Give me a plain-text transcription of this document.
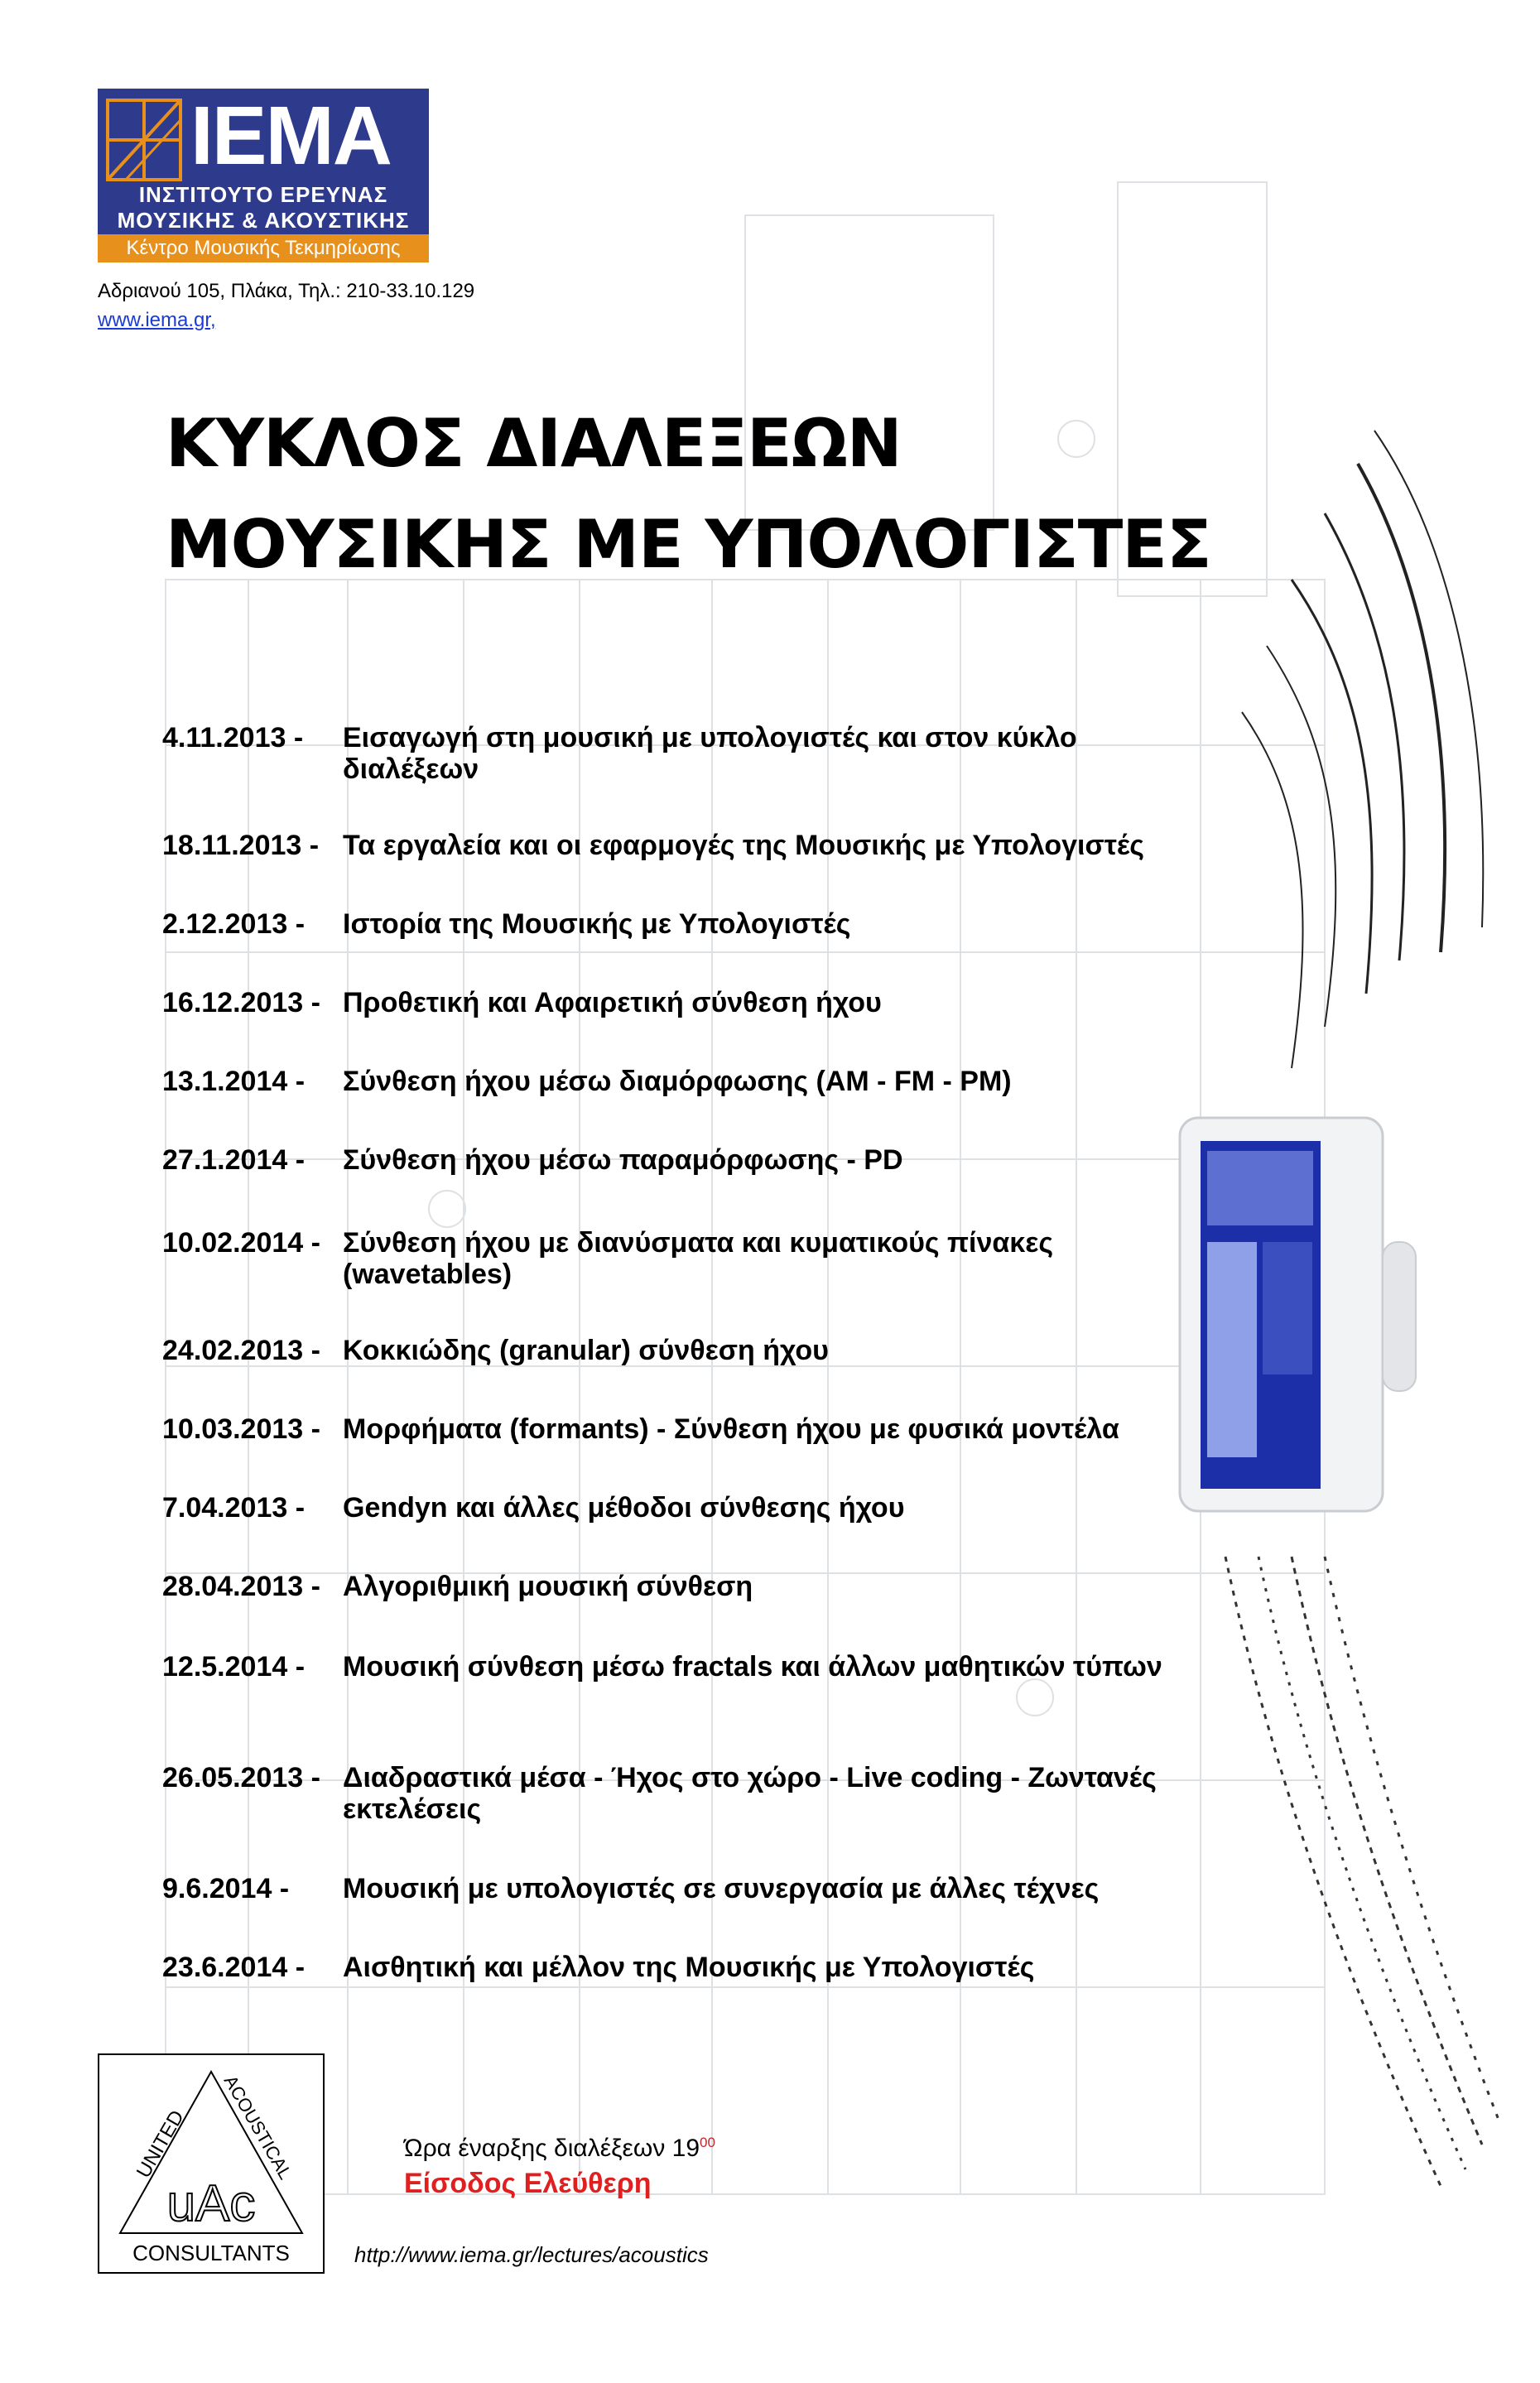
IEMA
ΙΝΣΤΙΤΟΥΤΟ ΕΡΕΥΝΑΣ
ΜΟΥΣΙΚΗΣ & ΑΚΟΥΣΤΙΚΗΣ
Κέντρο Μουσικής Τεκμηρίωσης
Αδριανού 105, Πλάκα, Τηλ.: 210-33.10.129
www.iema.gr,
ΚΥΚΛΟΣ ΔΙΑΛΕΞΕΩΝ
ΜΟΥΣΙΚΗΣ ΜΕ ΥΠΟΛΟΓΙΣΤΕΣ
4.11.2013 -	Εισαγωγή στη μουσική με υπολογιστές και στον κύκλο διαλέξεων
18.11.2013 - Τα εργαλεία και οι εφαρμογές της Μουσικής με Υπολογιστές
2.12.2013 -	Ιστορία της Μουσικής με Υπολογιστές
16.12.2013 - Προθετική και Αφαιρετική σύνθεση ήχου
13.1.2014 -	Σύνθεση ήχου μέσω διαμόρφωσης (AM - FM - PM)
27.1.2014 -	Σύνθεση ήχου μέσω παραμόρφωσης - PD
10.02.2014 - Σύνθεση ήχου με διανύσματα και κυματικούς πίνακες (wavetables)
24.02.2013 - Κοκκιώδης (granular) σύνθεση ήχου
10.03.2013 - Μορφήματα (formants) - Σύνθεση ήχου με φυσικά μοντέλα
7.04.2013 -	Gendyn και άλλες μέθοδοι σύνθεσης ήχου
28.04.2013 - Αλγοριθμική μουσική σύνθεση
12.5.2014 -	Μουσική σύνθεση μέσω fractals και άλλων μαθητικών τύπων
26.05.2013 - Διαδραστικά μέσα - Ήχος στο χώρο - Live coding - Ζωντανές εκτελέσεις
9.6.2014 -	Μουσική με υπολογιστές σε συνεργασία με άλλες τέχνες
23.6.2014 -	Αισθητική και μέλλον της Μουσικής με Υπολογιστές
UNITED ACOUSTICAL
uAc
CONSULTANTS
Ώρα έναρξης διαλέξεων $19^{00}$
Είσοδος Ελεύθερη
http://www.iema.gr/lectures/acoustics
